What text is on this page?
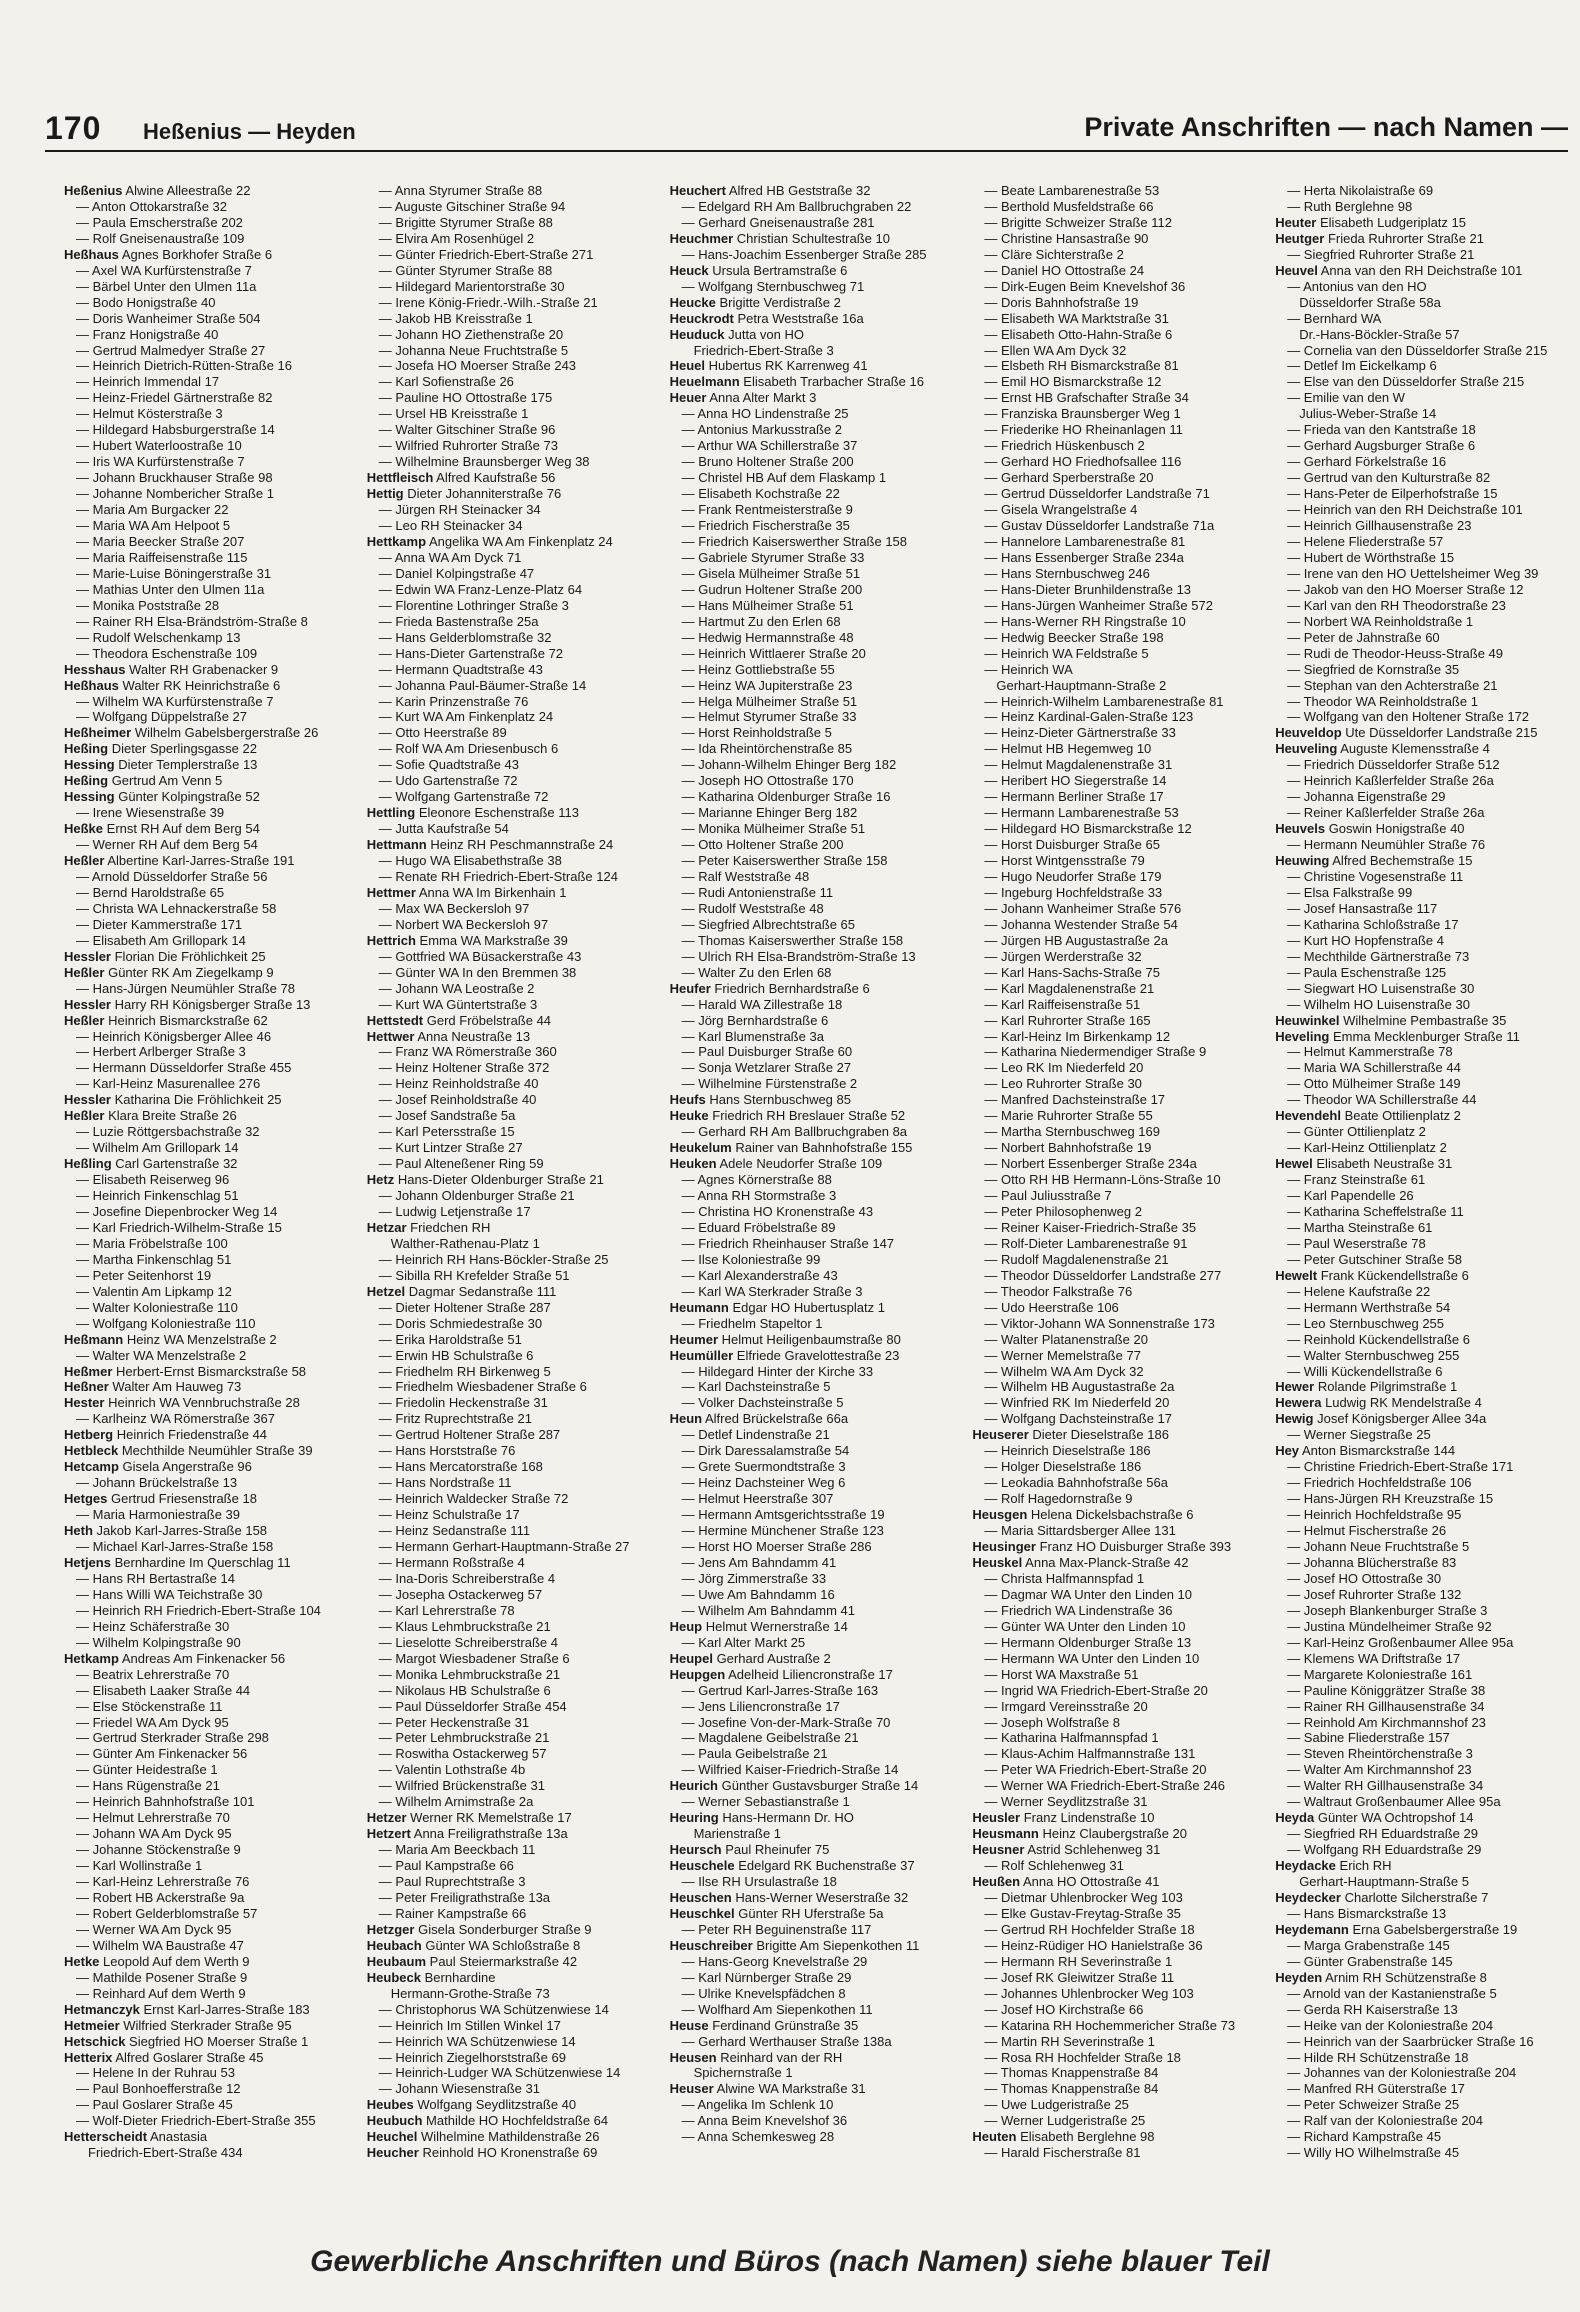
170 Heßenius — Heyden	Private Anschriften — nach Namen —
Heßenius Alwine Alleestraße 22
— Anton Ottokarstraße 32
— Paula Emscherstraße 202
— Rolf Gneisenaustraße 109
Heßhaus Agnes Borkhofer Straße 6
— Axel WA Kurfürstenstraße 7
— Bärbel Unter den Ulmen 11a
— Bodo Honigstraße 40
— Doris Wanheimer Straße 504
— Franz Honigstraße 40
— Gertrud Malmedyer Straße 27
— Heinrich Dietrich-Rütten-Straße 16
— Heinrich Immendal 17
— Heinz-Friedel Gärtnerstraße 82
— Helmut Kösterstraße 3
— Hildegard Habsburgerstraße 14
— Hubert Waterloostraße 10
— Iris WA Kurfürstenstraße 7
— Johann Bruckhauser Straße 98
— Johanne Nombericher Straße 1
— Maria Am Burgacker 22
— Maria WA Am Helpoot 5
— Maria Beecker Straße 207
— Maria Raiffeisenstraße 115
— Marie-Luise Böningerstraße 31
— Mathias Unter den Ulmen 11a
— Monika Poststraße 28
— Rainer RH Elsa-Brändström-Straße 8
— Rudolf Welschenkamp 13
— Theodora Eschenstraße 109
Hesshaus Walter RH Grabenacker 9
Heßhaus Walter RK Heinrichstraße 6
— Wilhelm WA Kurfürstenstraße 7
— Wolfgang Düppelstraße 27
Heßheimer Wilhelm Gabelsbergerstraße 26
Heßing Dieter Sperlingsgasse 22
Hessing Dieter Templerstraße 13
Heßing Gertrud Am Venn 5
Hessing Günter Kolpingstraße 52
— Irene Wiesenstraße 39
Heßke Ernst RH Auf dem Berg 54
— Werner RH Auf dem Berg 54
Heßler Albertine Karl-Jarres-Straße 191
— Arnold Düsseldorfer Straße 56
— Bernd Haroldstraße 65
— Christa WA Lehnackerstraße 58
— Dieter Kammerstraße 171
— Elisabeth Am Grillopark 14
Hessler Florian Die Fröhlichkeit 25
Heßler Günter RK Am Ziegelkamp 9
— Hans-Jürgen Neumühler Straße 78
Hessler Harry RH Königsberger Straße 13
Heßler Heinrich Bismarckstraße 62
— Heinrich Königsberger Allee 46
— Herbert Arlberger Straße 3
— Hermann Düsseldorfer Straße 455
— Karl-Heinz Masurenallee 276
Hessler Katharina Die Fröhlichkeit 25
Heßler Klara Breite Straße 26
— Luzie Röttgersbachstraße 32
— Wilhelm Am Grillopark 14
Heßling Carl Gartenstraße 32
— Elisabeth Reiserweg 96
— Heinrich Finkenschlag 51
— Josefine Diepenbrocker Weg 14
— Karl Friedrich-Wilhelm-Straße 15
— Maria Fröbelstraße 100
— Martha Finkenschlag 51
— Peter Seitenhorst 19
— Valentin Am Lipkamp 12
— Walter Koloniestraße 110
— Wolfgang Koloniestraße 110
Heßmann Heinz WA Menzelstraße 2
— Walter WA Menzelstraße 2
Heßmer Herbert-Ernst Bismarckstraße 58
Heßner Walter Am Hauweg 73
Hester Heinrich WA Vennbruchstraße 28
— Karlheinz WA Römerstraße 367
Hetberg Heinrich Friedenstraße 44
Hetbleck Mechthilde Neumühler Straße 39
Hetcamp Gisela Angerstraße 96
— Johann Brückelstraße 13
Hetges Gertrud Friesenstraße 18
— Maria Harmoniestraße 39
Heth Jakob Karl-Jarres-Straße 158
— Michael Karl-Jarres-Straße 158
Hetjens Bernhardine Im Querschlag 11
— Hans RH Bertastraße 14
— Hans Willi WA Teichstraße 30
— Heinrich RH Friedrich-Ebert-Straße 104
— Heinz Schäferstraße 30
— Wilhelm Kolpingstraße 90
Hetkamp Andreas Am Finkenacker 56
— Beatrix Lehrerstraße 70
— Elisabeth Laaker Straße 44
— Else Stöckenstraße 11
— Friedel WA Am Dyck 95
— Gertrud Sterkrader Straße 298
— Günter Am Finkenacker 56
— Günter Heidestraße 1
— Hans Rügenstraße 21
— Heinrich Bahnhofstraße 101
— Helmut Lehrerstraße 70
— Johann WA Am Dyck 95
— Johanne Stöckenstraße 9
— Karl Wollinstraße 1
— Karl-Heinz Lehrerstraße 76
— Robert HB Ackerstraße 9a
— Robert Gelderblomstraße 57
— Werner WA Am Dyck 95
— Wilhelm WA Baustraße 47
Hetke Leopold Auf dem Werth 9
— Mathilde Posener Straße 9
— Reinhard Auf dem Werth 9
Hetmanczyk Ernst Karl-Jarres-Straße 183
Hetmeier Wilfried Sterkrader Straße 95
Hetschick Siegfried HO Moerser Straße 1
Hetterix Alfred Goslarer Straße 45
— Helene In der Ruhrau 53
— Paul Bonhoefferstraße 12
— Paul Goslarer Straße 45
— Wolf-Dieter Friedrich-Ebert-Straße 355
Hetterscheidt Anastasia
Friedrich-Ebert-Straße 434
— Anna Styrumer Straße 88
— Auguste Gitschiner Straße 94
— Brigitte Styrumer Straße 88
— Elvira Am Rosenhügel 2
— Günter Friedrich-Ebert-Straße 271
— Günter Styrumer Straße 88
— Hildegard Marientorstraße 30
— Irene König-Friedr.-Wilh.-Straße 21
— Jakob HB Kreisstraße 1
— Johann HO Ziethenstraße 20
— Johanna Neue Fruchtstraße 5
— Josefa HO Moerser Straße 243
— Karl Sofienstraße 26
— Pauline HO Ottostraße 175
— Ursel HB Kreisstraße 1
— Walter Gitschiner Straße 96
— Wilfried Ruhrorter Straße 73
— Wilhelmine Braunsberger Weg 38
Hettfleisch Alfred Kaufstraße 56
Hettig Dieter Johanniterstraße 76
— Jürgen RH Steinacker 34
— Leo RH Steinacker 34
Hettkamp Angelika WA Am Finkenplatz 24
— Anna WA Am Dyck 71
— Daniel Kolpingstraße 47
— Edwin WA Franz-Lenze-Platz 64
— Florentine Lothringer Straße 3
— Frieda Bastenstraße 25a
— Hans Gelderblomstraße 32
— Hans-Dieter Gartenstraße 72
— Hermann Quadtstraße 43
— Johanna Paul-Bäumer-Straße 14
— Karin Prinzenstraße 76
— Kurt WA Am Finkenplatz 24
— Otto Heerstraße 89
— Rolf WA Am Driesenbusch 6
— Sofie Quadtstraße 43
— Udo Gartenstraße 72
— Wolfgang Gartenstraße 72
Hettling Eleonore Eschenstraße 113
— Jutta Kaufstraße 54
Hettmann Heinz RH Peschmannstraße 24
— Hugo WA Elisabethstraße 38
— Renate RH Friedrich-Ebert-Straße 124
Hettmer Anna WA Im Birkenhain 1
— Max WA Beckersloh 97
— Norbert WA Beckersloh 97
Hettrich Emma WA Markstraße 39
— Gottfried WA Büsackerstraße 43
— Günter WA In den Bremmen 38
— Johann WA Leostraße 2
— Kurt WA Güntertstraße 3
Hettstedt Gerd Fröbelstraße 44
Hettwer Anna Neustraße 13
— Franz WA Römerstraße 360
— Heinz Holtener Straße 372
— Heinz Reinholdstraße 40
— Josef Reinholdstraße 40
— Josef Sandstraße 5a
— Karl Petersstraße 15
— Kurt Lintzer Straße 27
— Paul Alteneßener Ring 59
Hetz Hans-Dieter Oldenburger Straße 21
— Johann Oldenburger Straße 21
— Ludwig Letjenstraße 17
Hetzar Friedchen RH
Walther-Rathenau-Platz 1
— Heinrich RH Hans-Böckler-Straße 25
— Sibilla RH Krefelder Straße 51
Hetzel Dagmar Sedanstraße 111
— Dieter Holtener Straße 287
— Doris Schmiedestraße 30
— Erika Haroldstraße 51
— Erwin HB Schulstraße 6
— Friedhelm RH Birkenweg 5
— Friedhelm Wiesbadener Straße 6
— Friedolin Heckenstraße 31
— Fritz Ruprechtstraße 21
— Gertrud Holtener Straße 287
— Hans Horststraße 76
— Hans Mercatorstraße 168
— Hans Nordstraße 11
— Heinrich Waldecker Straße 72
— Heinz Schulstraße 17
— Heinz Sedanstraße 111
— Hermann Gerhart-Hauptmann-Straße 27
— Hermann Roßstraße 4
— Ina-Doris Schreiberstraße 4
— Josepha Ostackerweg 57
— Karl Lehrerstraße 78
— Klaus Lehmbruckstraße 21
— Lieselotte Schreiberstraße 4
— Margot Wiesbadener Straße 6
— Monika Lehmbruckstraße 21
— Nikolaus HB Schulstraße 6
— Paul Düsseldorfer Straße 454
— Peter Heckenstraße 31
— Peter Lehmbruckstraße 21
— Roswitha Ostackerweg 57
— Valentin Lothstraße 4b
— Wilfried Brückenstraße 31
— Wilhelm Arnimstraße 2a
Hetzer Werner RK Memelstraße 17
Hetzert Anna Freiligrathstraße 13a
— Maria Am Beeckbach 11
— Paul Kampstraße 66
— Paul Ruprechtstraße 3
— Peter Freiligrathstraße 13a
— Rainer Kampstraße 66
Hetzger Gisela Sonderburger Straße 9
Heubach Günter WA Schloßstraße 8
Heubaum Paul Steiermarkstraße 42
Heubeck Bernhardine
Hermann-Grothe-Straße 73
— Christophorus WA Schützenwiese 14
— Heinrich Im Stillen Winkel 17
— Heinrich WA Schützenwiese 14
— Heinrich Ziegelhorststraße 69
— Heinrich-Ludger WA Schützenwiese 14
— Johann Wiesenstraße 31
Heubes Wolfgang Seydlitzstraße 40
Heubuch Mathilde HO Hochfeldstraße 64
Heuchel Wilhelmine Mathildenstraße 26
Heucher Reinhold HO Kronenstraße 69
Heuchert Alfred HB Geststraße 32
— Edelgard RH Am Ballbruchgraben 22
— Gerhard Gneisenaustraße 281
Heuchmer Christian Schultestraße 10
— Hans-Joachim Essenberger Straße 285
Heuck Ursula Bertramstraße 6
— Wolfgang Sternbuschweg 71
Heucke Brigitte Verdistraße 2
Heuckrodt Petra Weststraße 16a
Heuduck Jutta von HO
Friedrich-Ebert-Straße 3
Heuel Hubertus RK Karrenweg 41
Heuelmann Elisabeth Trarbacher Straße 16
Heuer Anna Alter Markt 3
— Anna HO Lindenstraße 25
— Antonius Markusstraße 2
— Arthur WA Schillerstraße 37
— Bruno Holtener Straße 200
— Christel HB Auf dem Flaskamp 1
— Elisabeth Kochstraße 22
— Frank Rentmeisterstraße 9
— Friedrich Fischerstraße 35
— Friedrich Kaiserswerther Straße 158
— Gabriele Styrumer Straße 33
— Gisela Mülheimer Straße 51
— Gudrun Holtener Straße 200
— Hans Mülheimer Straße 51
— Hartmut Zu den Erlen 68
— Hedwig Hermannstraße 48
— Heinrich Wittlaerer Straße 20
— Heinz Gottliebstraße 55
— Heinz WA Jupiterstraße 23
— Helga Mülheimer Straße 51
— Helmut Styrumer Straße 33
— Horst Reinholdstraße 5
— Ida Rheintörchenstraße 85
— Johann-Wilhelm Ehinger Berg 182
— Joseph HO Ottostraße 170
— Katharina Oldenburger Straße 16
— Marianne Ehinger Berg 182
— Monika Mülheimer Straße 51
— Otto Holtener Straße 200
— Peter Kaiserswerther Straße 158
— Ralf Weststraße 48
— Rudi Antonienstraße 11
— Rudolf Weststraße 48
— Siegfried Albrechtstraße 65
— Thomas Kaiserswerther Straße 158
— Ulrich RH Elsa-Brandström-Straße 13
— Walter Zu den Erlen 68
Heufer Friedrich Bernhardstraße 6
— Harald WA Zillestraße 18
— Jörg Bernhardstraße 6
— Karl Blumenstraße 3a
— Paul Duisburger Straße 60
— Sonja Wetzlarer Straße 27
— Wilhelmine Fürstenstraße 2
Heufs Hans Sternbuschweg 85
Heuke Friedrich RH Breslauer Straße 52
— Gerhard RH Am Ballbruchgraben 8a
Heukelum Rainer van Bahnhofstraße 155
Heuken Adele Neudorfer Straße 109
— Agnes Körnerstraße 88
— Anna RH Stormstraße 3
— Christina HO Kronenstraße 43
— Eduard Fröbelstraße 89
— Friedrich Rheinhauser Straße 147
— Ilse Koloniestraße 99
— Karl Alexanderstraße 43
— Karl WA Sterkrader Straße 3
Heumann Edgar HO Hubertusplatz 1
— Friedhelm Stapeltor 1
Heumer Helmut Heiligenbaumstraße 80
Heumüller Elfriede Gravelottestraße 23
— Hildegard Hinter der Kirche 33
— Karl Dachsteinstraße 5
— Volker Dachsteinstraße 5
Heun Alfred Brückelstraße 66a
— Detlef Lindenstraße 21
— Dirk Daressalamstraße 54
— Grete Suermondtstraße 3
— Heinz Dachsteiner Weg 6
— Helmut Heerstraße 307
— Hermann Amtsgerichtsstraße 19
— Hermine Münchener Straße 123
— Horst HO Moerser Straße 286
— Jens Am Bahndamm 41
— Jörg Zimmerstraße 33
— Uwe Am Bahndamm 16
— Wilhelm Am Bahndamm 41
Heup Helmut Wernerstraße 14
— Karl Alter Markt 25
Heupel Gerhard Austraße 2
Heupgen Adelheid Liliencronstraße 17
— Gertrud Karl-Jarres-Straße 163
— Jens Liliencronstraße 17
— Josefine Von-der-Mark-Straße 70
— Magdalene Geibelstraße 21
— Paula Geibelstraße 21
— Wilfried Kaiser-Friedrich-Straße 14
Heurich Günther Gustavsburger Straße 14
— Werner Sebastianstraße 1
Heuring Hans-Hermann Dr. HO
Marienstraße 1
Heursch Paul Rheinufer 75
Heuschele Edelgard RK Buchenstraße 37
— Ilse RH Ursulastraße 18
Heuschen Hans-Werner Weserstraße 32
Heuschkel Günter RH Uferstraße 5a
— Peter RH Beguinenstraße 117
Heuschreiber Brigitte Am Siepenkothen 11
— Hans-Georg Knevelstraße 29
— Karl Nürnberger Straße 29
— Ulrike Knevelspfädchen 8
— Wolfhard Am Siepenkothen 11
Heuse Ferdinand Grünstraße 35
— Gerhard Werthauser Straße 138a
Heusen Reinhard van der RH
Spichernstraße 1
Heuser Alwine WA Markstraße 31
— Angelika Im Schlenk 10
— Anna Beim Knevelshof 36
— Anna Schemkesweg 28
— Beate Lambarenestraße 53
— Berthold Musfeldstraße 66
— Brigitte Schweizer Straße 112
— Christine Hansastraße 90
— Cläre Sichterstraße 2
— Daniel HO Ottostraße 24
— Dirk-Eugen Beim Knevelshof 36
— Doris Bahnhofstraße 19
— Elisabeth WA Marktstraße 31
— Elisabeth Otto-Hahn-Straße 6
— Ellen WA Am Dyck 32
— Elsbeth RH Bismarckstraße 81
— Emil HO Bismarckstraße 12
— Ernst HB Grafschafter Straße 34
— Franziska Braunsberger Weg 1
— Friederike HO Rheinanlagen 11
— Friedrich Hüskenbusch 2
— Gerhard HO Friedhofsallee 116
— Gerhard Sperberstraße 20
— Gertrud Düsseldorfer Landstraße 71
— Gisela Wrangelstraße 4
— Gustav Düsseldorfer Landstraße 71a
— Hannelore Lambarenestraße 81
— Hans Essenberger Straße 234a
— Hans Sternbuschweg 246
— Hans-Dieter Brunhildenstraße 13
— Hans-Jürgen Wanheimer Straße 572
— Hans-Werner RH Ringstraße 10
— Hedwig Beecker Straße 198
— Heinrich WA Feldstraße 5
— Heinrich WA
Gerhart-Hauptmann-Straße 2
— Heinrich-Wilhelm Lambarenestraße 81
— Heinz Kardinal-Galen-Straße 123
— Heinz-Dieter Gärtnerstraße 33
— Helmut HB Hegemweg 10
— Helmut Magdalenenstraße 31
— Heribert HO Siegerstraße 14
— Hermann Berliner Straße 17
— Hermann Lambarenestraße 53
— Hildegard HO Bismarckstraße 12
— Horst Duisburger Straße 65
— Horst Wintgensstraße 79
— Hugo Neudorfer Straße 179
— Ingeburg Hochfeldstraße 33
— Johann Wanheimer Straße 576
— Johanna Westender Straße 54
— Jürgen HB Augustastraße 2a
— Jürgen Werderstraße 32
— Karl Hans-Sachs-Straße 75
— Karl Magdalenenstraße 21
— Karl Raiffeisenstraße 51
— Karl Ruhrorter Straße 165
— Karl-Heinz Im Birkenkamp 12
— Katharina Niedermendiger Straße 9
— Leo RK Im Niederfeld 20
— Leo Ruhrorter Straße 30
— Manfred Dachsteinstraße 17
— Marie Ruhrorter Straße 55
— Martha Sternbuschweg 169
— Norbert Bahnhofstraße 19
— Norbert Essenberger Straße 234a
— Otto RH HB Hermann-Löns-Straße 10
— Paul Juliusstraße 7
— Peter Philosophenweg 2
— Reiner Kaiser-Friedrich-Straße 35
— Rolf-Dieter Lambarenestraße 91
— Rudolf Magdalenenstraße 21
— Theodor Düsseldorfer Landstraße 277
— Theodor Falkstraße 76
— Udo Heerstraße 106
— Viktor-Johann WA Sonnenstraße 173
— Walter Platanenstraße 20
— Werner Memelstraße 77
— Wilhelm WA Am Dyck 32
— Wilhelm HB Augustastraße 2a
— Winfried RK Im Niederfeld 20
— Wolfgang Dachsteinstraße 17
Heuserer Dieter Dieselstraße 186
— Heinrich Dieselstraße 186
— Holger Dieselstraße 186
— Leokadia Bahnhofstraße 56a
— Rolf Hagedornstraße 9
Heusgen Helena Dickelsbachstraße 6
— Maria Sittardsberger Allee 131
Heusinger Franz HO Duisburger Straße 393
Heuskel Anna Max-Planck-Straße 42
— Christa Halfmannspfad 1
— Dagmar WA Unter den Linden 10
— Friedrich WA Lindenstraße 36
— Günter WA Unter den Linden 10
— Hermann Oldenburger Straße 13
— Hermann WA Unter den Linden 10
— Horst WA Maxstraße 51
— Ingrid WA Friedrich-Ebert-Straße 20
— Irmgard Vereinsstraße 20
— Joseph Wolfstraße 8
— Katharina Halfmannspfad 1
— Klaus-Achim Halfmannstraße 131
— Peter WA Friedrich-Ebert-Straße 20
— Werner WA Friedrich-Ebert-Straße 246
— Werner Seydlitzstraße 31
Heusler Franz Lindenstraße 10
Heusmann Heinz Claubergstraße 20
Heusner Astrid Schlehenweg 31
— Rolf Schlehenweg 31
Heußen Anna HO Ottostraße 41
— Dietmar Uhlenbrocker Weg 103
— Elke Gustav-Freytag-Straße 35
— Gertrud RH Hochfelder Straße 18
— Heinz-Rüdiger HO Hanielstraße 36
— Hermann RH Severinstraße 1
— Josef RK Gleiwitzer Straße 11
— Johannes Uhlenbrocker Weg 103
— Josef HO Kirchstraße 66
— Katarina RH Hochemmericher Straße 73
— Martin RH Severinstraße 1
— Rosa RH Hochfelder Straße 18
— Thomas Knappenstraße 84
— Thomas Knappenstraße 84
— Uwe Ludgeristraße 25
— Werner Ludgeristraße 25
Heuten Elisabeth Berglehne 98
— Harald Fischerstraße 81
— Herta Nikolaistraße 69
— Ruth Berglehne 98
Heuter Elisabeth Ludgeriplatz 15
Heutger Frieda Ruhrorter Straße 21
— Siegfried Ruhrorter Straße 21
Heuvel Anna van den RH Deichstraße 101
— Antonius van den HO
Düsseldorfer Straße 58a
— Bernhard WA
Dr.-Hans-Böckler-Straße 57
— Cornelia van den Düsseldorfer Straße 215
— Detlef Im Eickelkamp 6
— Else van den Düsseldorfer Straße 215
— Emilie van den W
Julius-Weber-Straße 14
— Frieda van den Kantstraße 18
— Gerhard Augsburger Straße 6
— Gerhard Förkelstraße 16
— Gertrud van den Kulturstraße 82
— Hans-Peter de Eilperhofstraße 15
— Heinrich van den RH Deichstraße 101
— Heinrich Gillhausenstraße 23
— Helene Fliederstraße 57
— Hubert de Wörthstraße 15
— Irene van den HO Uettelsheimer Weg 39
— Jakob van den HO Moerser Straße 12
— Karl van den RH Theodorstraße 23
— Norbert WA Reinholdstraße 1
— Peter de Jahnstraße 60
— Rudi de Theodor-Heuss-Straße 49
— Siegfried de Kornstraße 35
— Stephan van den Achterstraße 21
— Theodor WA Reinholdstraße 1
— Wolfgang van den Holtener Straße 172
Heuveldop Ute Düsseldorfer Landstraße 215
Heuveling Auguste Klemensstraße 4
— Friedrich Düsseldorfer Straße 512
— Heinrich Kaßlerfelder Straße 26a
— Johanna Eigenstraße 29
— Reiner Kaßlerfelder Straße 26a
Heuvels Goswin Honigstraße 40
— Hermann Neumühler Straße 76
Heuwing Alfred Bechemstraße 15
— Christine Vogesenstraße 11
— Elsa Falkstraße 99
— Josef Hansastraße 117
— Katharina Schloßstraße 17
— Kurt HO Hopfenstraße 4
— Mechthilde Gärtnerstraße 73
— Paula Eschenstraße 125
— Siegwart HO Luisenstraße 30
— Wilhelm HO Luisenstraße 30
Heuwinkel Wilhelmine Pembastraße 35
Heveling Emma Mecklenburger Straße 11
— Helmut Kammerstraße 78
— Maria WA Schillerstraße 44
— Otto Mülheimer Straße 149
— Theodor WA Schillerstraße 44
Hevendehl Beate Ottilienplatz 2
— Günter Ottilienplatz 2
— Karl-Heinz Ottilienplatz 2
Hewel Elisabeth Neustraße 31
— Franz Steinstraße 61
— Karl Papendelle 26
— Katharina Scheffelstraße 11
— Martha Steinstraße 61
— Paul Weserstraße 78
— Peter Gutschiner Straße 58
Hewelt Frank Kückendellstraße 6
— Helene Kaufstraße 22
— Hermann Werthstraße 54
— Leo Sternbuschweg 255
— Reinhold Kückendellstraße 6
— Walter Sternbuschweg 255
— Willi Kückendellstraße 6
Hewer Rolande Pilgrimstraße 1
Hewera Ludwig RK Mendelstraße 4
Hewig Josef Königsberger Allee 34a
— Werner Siegstraße 25
Hey Anton Bismarckstraße 144
— Christine Friedrich-Ebert-Straße 171
— Friedrich Hochfeldstraße 106
— Hans-Jürgen RH Kreuzstraße 15
— Heinrich Hochfeldstraße 95
— Helmut Fischerstraße 26
— Johann Neue Fruchtstraße 5
— Johanna Blücherstraße 83
— Josef HO Ottostraße 30
— Josef Ruhrorter Straße 132
— Joseph Blankenburger Straße 3
— Justina Mündelheimer Straße 92
— Karl-Heinz Großenbaumer Allee 95a
— Klemens WA Driftstraße 17
— Margarete Koloniestraße 161
— Pauline Königgrätzer Straße 38
— Rainer RH Gillhausenstraße 34
— Reinhold Am Kirchmannshof 23
— Sabine Fliederstraße 157
— Steven Rheintörchenstraße 3
— Walter Am Kirchmannshof 23
— Walter RH Gillhausenstraße 34
— Waltraut Großenbaumer Allee 95a
Heyda Günter WA Ochtropshof 14
— Siegfried RH Eduardstraße 29
— Wolfgang RH Eduardstraße 29
Heydacke Erich RH
Gerhart-Hauptmann-Straße 5
Heydecker Charlotte Silcherstraße 7
— Hans Bismarckstraße 13
Heydemann Erna Gabelsbergerstraße 19
— Marga Grabenstraße 145
— Günter Grabenstraße 145
Heyden Arnim RH Schützenstraße 8
— Arnold van der Kastanienstraße 5
— Gerda RH Kaiserstraße 13
— Heike van der Koloniestraße 204
— Heinrich van der Saarbrücker Straße 16
— Hilde RH Schützenstraße 18
— Johannes van der Koloniestraße 204
— Manfred RH Güterstraße 17
— Peter Schweizer Straße 25
— Ralf van der Koloniestraße 204
— Richard Kampstraße 45
— Willy HO Wilhelmstraße 45
Gewerbliche Anschriften und Büros (nach Namen) siehe blauer Teil
